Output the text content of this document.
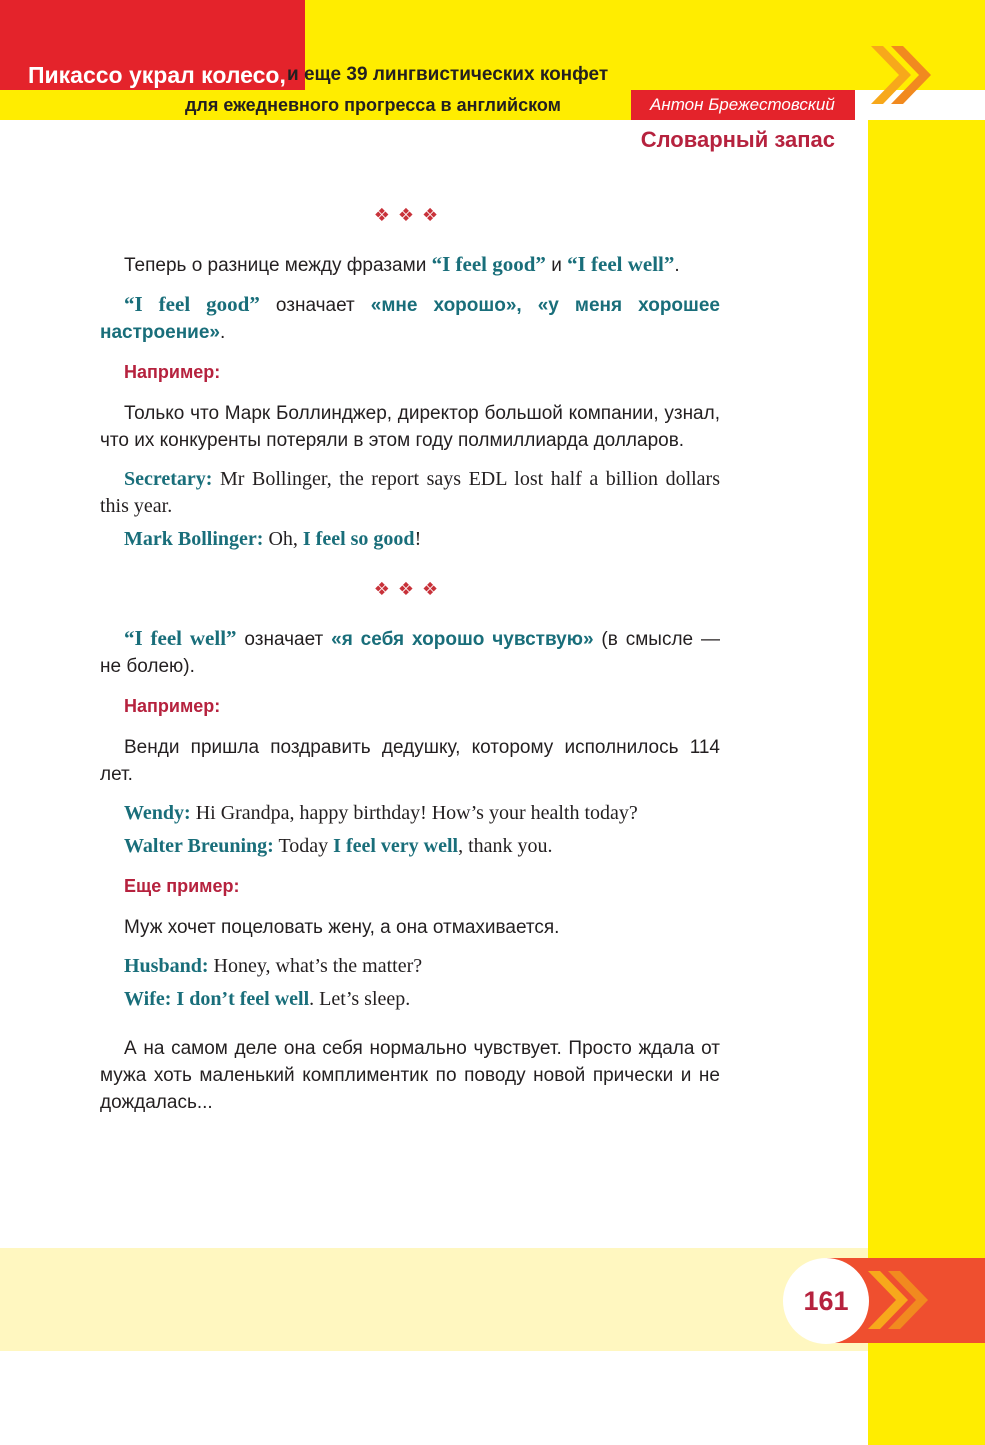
Пикассо украл колесо, и еще 39 лингвистических конфет
для ежедневного прогресса в английском	Антон Брежестовский
Словарный запас
❖❖❖

Теперь о разнице между фразами “I feel good” и “I feel well”.

“I feel good” означает «мне хорошо», «у меня хорошее настроение».

Например:

Только что Марк Боллинджер, директор большой компании, узнал, что их конкуренты потеряли в этом году полмиллиарда долларов.

Secretary: Mr Bollinger, the report says EDL lost half a billion dollars this year.

Mark Bollinger: Oh, I feel so good!

❖❖❖

“I feel well” означает «я себя хорошо чувствую» (в смысле — не болею).

Например:

Венди пришла поздравить дедушку, которому исполнилось 114 лет.

Wendy: Hi Grandpa, happy birthday! How’s your health today?

Walter Breuning: Today I feel very well, thank you.

Еще пример:

Муж хочет поцеловать жену, а она отмахивается.

Husband: Honey, what’s the matter?

Wife: I don’t feel well. Let’s sleep.

А на самом деле она себя нормально чувствует. Просто ждала от мужа хоть маленький комплиментик по поводу новой прически и не дождалась...

161
